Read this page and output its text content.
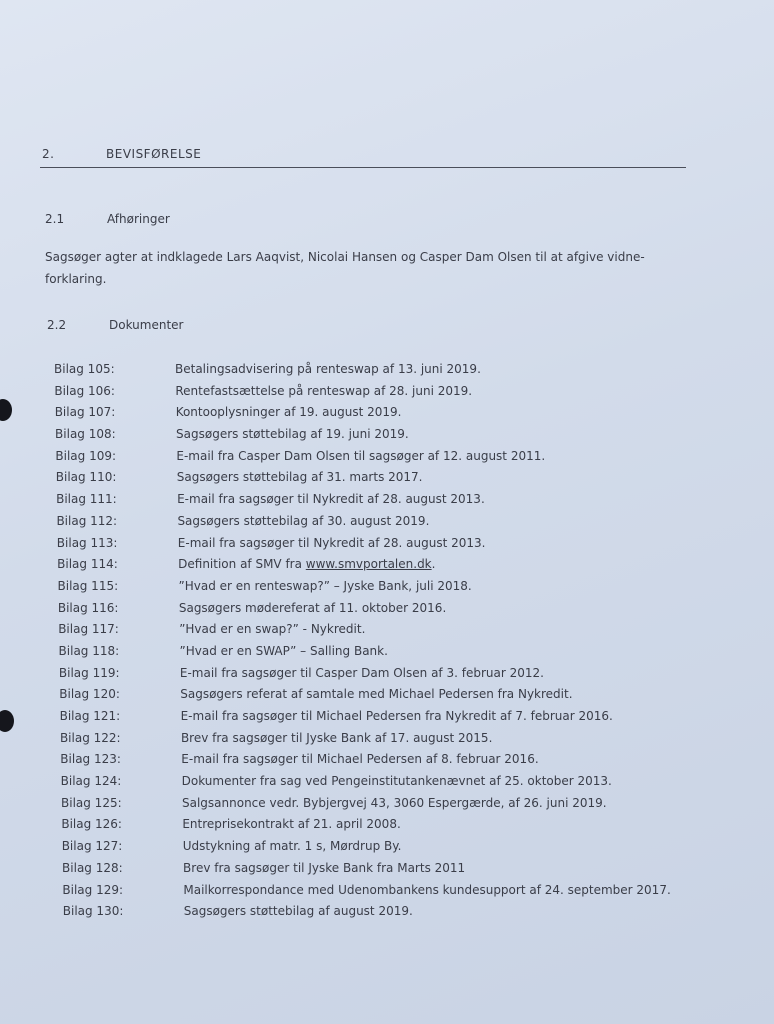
2.	BEVISFØRELSE
2.1	Afhøringer
Sagsøger agter at indklagede Lars Aaqvist, Nicolai Hansen og Casper Dam Olsen til at afgive vidne-forklaring.
2.2	Dokumenter
Bilag 105:	Betalingsadvisering på renteswap af 13. juni 2019.
Bilag 106:	Rentefastsættelse på renteswap af 28. juni 2019.
Bilag 107:	Kontooplysninger af 19. august 2019.
Bilag 108:	Sagsøgers støttebilag af 19. juni 2019.
Bilag 109:	E-mail fra Casper Dam Olsen til sagsøger af 12. august 2011.
Bilag 110:	Sagsøgers støttebilag af 31. marts 2017.
Bilag 111:	E-mail fra sagsøger til Nykredit af 28. august 2013.
Bilag 112:	Sagsøgers støttebilag af 30. august 2019.
Bilag 113:	E-mail fra sagsøger til Nykredit af 28. august 2013.
Bilag 114:	Definition af SMV fra www.smvportalen.dk.
Bilag 115:	”Hvad er en renteswap?” – Jyske Bank, juli 2018.
Bilag 116:	Sagsøgers mødereferat af 11. oktober 2016.
Bilag 117:	”Hvad er en swap?” - Nykredit.
Bilag 118:	”Hvad er en SWAP” – Salling Bank.
Bilag 119:	E-mail fra sagsøger til Casper Dam Olsen af 3. februar 2012.
Bilag 120:	Sagsøgers referat af samtale med Michael Pedersen fra Nykredit.
Bilag 121:	E-mail fra sagsøger til Michael Pedersen fra Nykredit af 7. februar 2016.
Bilag 122:	Brev fra sagsøger til Jyske Bank af 17. august 2015.
Bilag 123:	E-mail fra sagsøger til Michael Pedersen af 8. februar 2016.
Bilag 124:	Dokumenter fra sag ved Pengeinstitutankenævnet af 25. oktober 2013.
Bilag 125:	Salgsannonce vedr. Bybjergvej 43, 3060 Espergærde, af 26. juni 2019.
Bilag 126:	Entreprisekontrakt af 21. april 2008.
Bilag 127:	Udstykning af matr. 1 s, Mørdrup By.
Bilag 128:	Brev fra sagsøger til Jyske Bank fra Marts 2011
Bilag 129:	Mailkorrespondance med Udenombankens kundesupport af 24. september 2017.
Bilag 130:	Sagsøgers støttebilag af august 2019.
